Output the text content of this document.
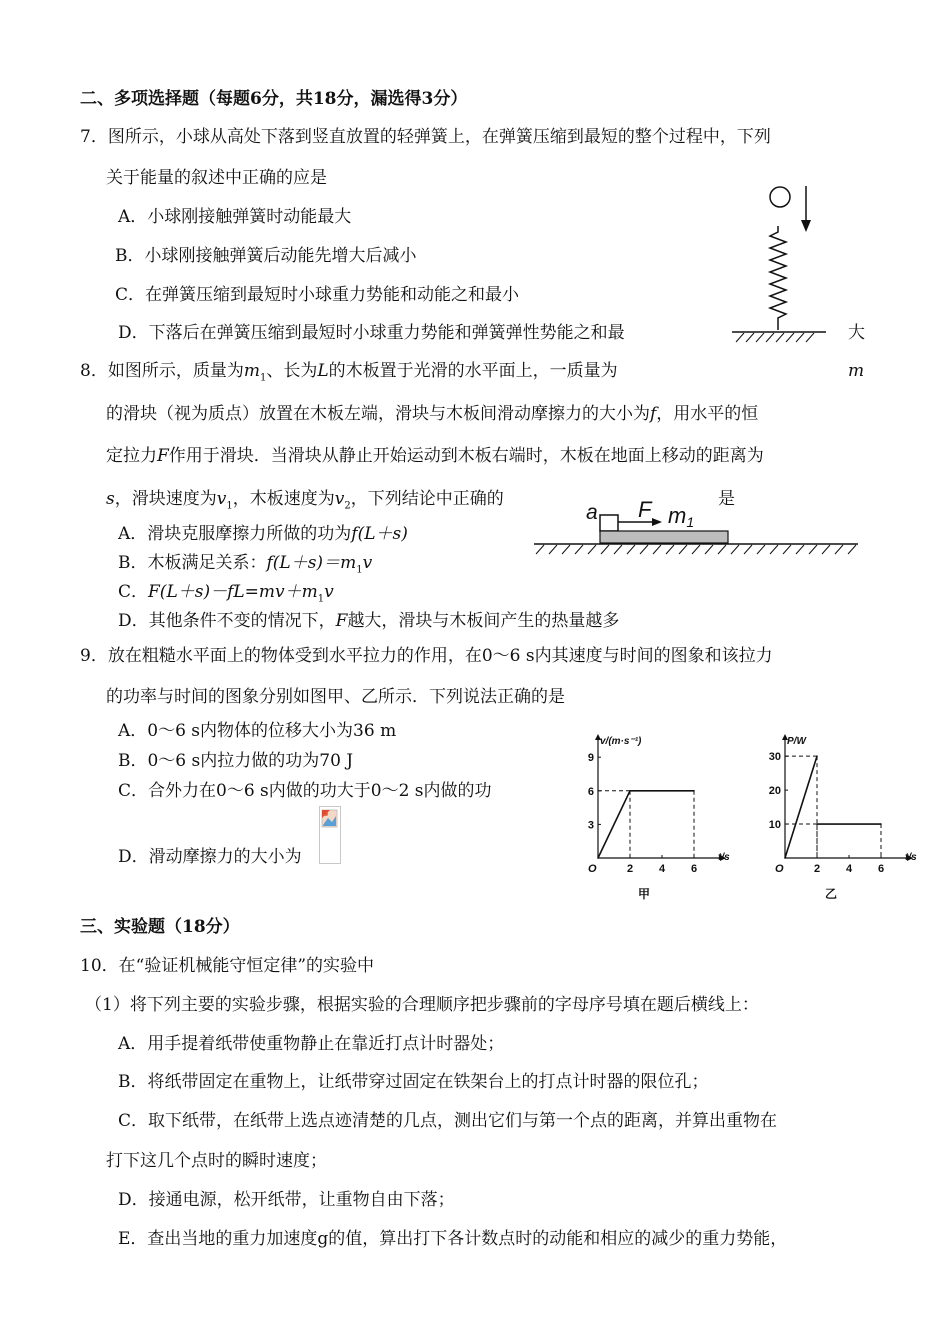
二、多项选择题（每题6分，共18分，漏选得3分）
7．图所示，小球从高处下落到竖直放置的轻弹簧上，在弹簧压缩到最短的整个过程中，下列
关于能量的叙述中正确的应是
A．小球刚接触弹簧时动能最大
B．小球刚接触弹簧后动能先增大后减小
C．在弹簧压缩到最短时小球重力势能和动能之和最小
D．下落后在弹簧压缩到最短时小球重力势能和弹簧弹性势能之和最	大
8．如图所示，质量为$m_1$、长为L的木板置于光滑的水平面上，一质量为	m
的滑块（视为质点）放置在木板左端，滑块与木板间滑动摩擦力的大小为f，用水平的恒
定拉力F作用于滑块．当滑块从静止开始运动到木板右端时，木板在地面上移动的距离为
s，滑块速度为$v_1$，木板速度为$v_2$，下列结论中正确的	是
A．滑块克服摩擦力所做的功为f(L＋s)
B．木板满足关系：$f(L+s)=m_1v$
C．$F(L+s)-fL=mv+m_1v$
D．其他条件不变的情况下，F越大，滑块与木板间产生的热量越多
a F m1
9．放在粗糙水平面上的物体受到水平拉力的作用，在0～6 s内其速度与时间的图象和该拉力
的功率与时间的图象分别如图甲、乙所示．下列说法正确的是
A．0～6 s内物体的位移大小为36 m
B．0～6 s内拉力做的功为70 J
C．合外力在0～6 s内做的功大于0～2 s内做的功
D．滑动摩擦力的大小为
v/(m·s⁻¹)
t/s
O	2 4 6
3
6
9
甲
P/W
t/s
O	2 4 6
10
20
30
乙
三、实验题（18分）
10．在“验证机械能守恒定律”的实验中
（1）将下列主要的实验步骤，根据实验的合理顺序把步骤前的字母序号填在题后横线上：
A．用手提着纸带使重物静止在靠近打点计时器处；
B．将纸带固定在重物上，让纸带穿过固定在铁架台上的打点计时器的限位孔；
C．取下纸带，在纸带上选点迹清楚的几点，测出它们与第一个点的距离，并算出重物在
打下这几个点时的瞬时速度；
D．接通电源，松开纸带，让重物自由下落；
E．查出当地的重力加速度g的值，算出打下各计数点时的动能和相应的减少的重力势能，
